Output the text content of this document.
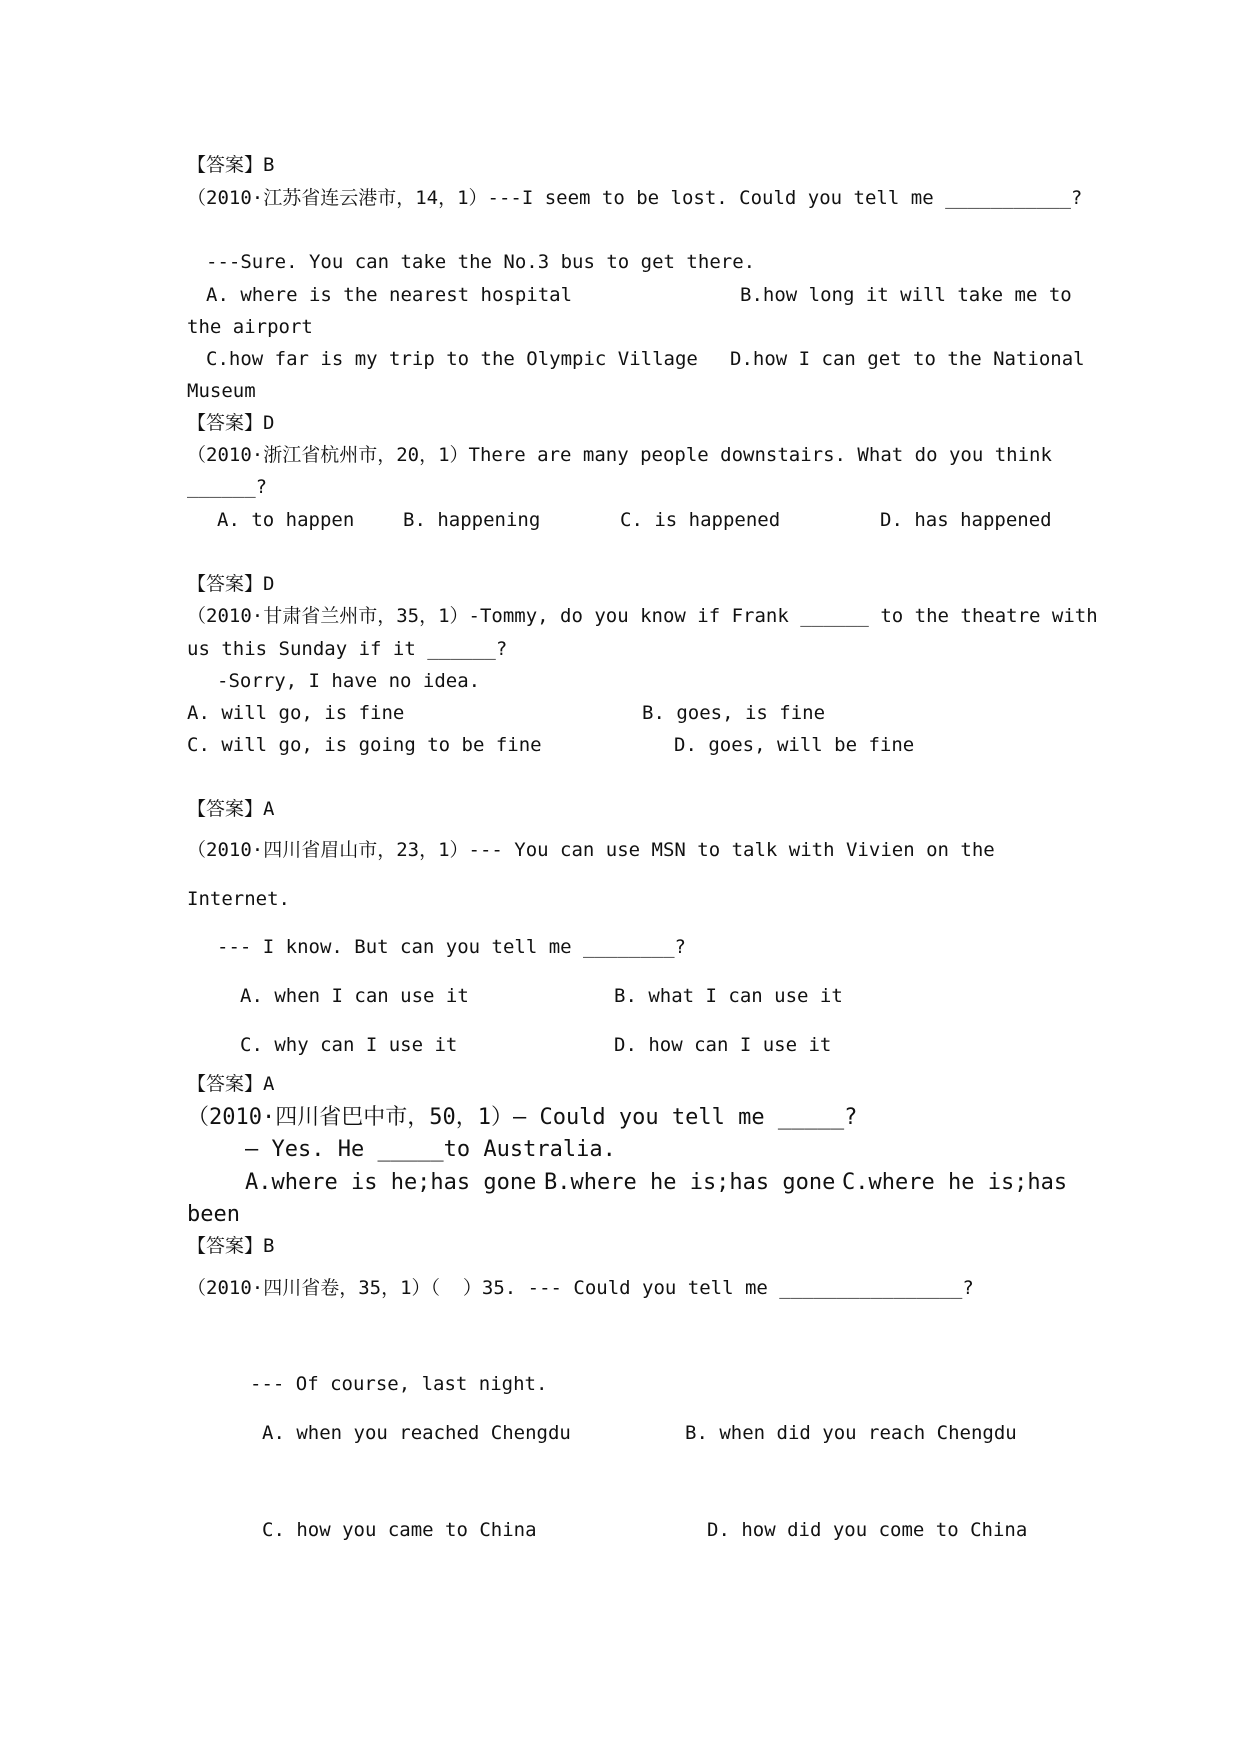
【答案】B
（2010·江苏省连云港市，14，1）---I seem to be lost. Could you tell me ___________?
---Sure. You can take the No.3 bus to get there.
A. where is the nearest hospital	B.how long it will take me to
the airport
C.how far is my trip to the Olympic Village D.how I can get to the National
Museum
【答案】D
（2010·浙江省杭州市，20，1）There are many people downstairs. What do you think
______?
A. to happen	B. happening	C. is happened	D. has happened
【答案】D
（2010·甘肃省兰州市，35，1）-Tommy, do you know if Frank ______ to the theatre with
us this Sunday if it ______?
-Sorry, I have no idea.
A. will go, is fine	B. goes, is fine
C. will go, is going to be fine	D. goes, will be fine
【答案】A
（2010·四川省眉山市，23，1）--- You can use MSN to talk with Vivien on the
Internet.
--- I know. But can you tell me ________?
A. when I can use it	B. what I can use it
C. why can I use it	D. how can I use it
【答案】A
（2010·四川省巴中市，50，1）— Could you tell me _____?
— Yes. He _____to Australia.
A.where is he;has gone B.where he is;has gone C.where he is;has
been
【答案】B
（2010·四川省卷，35，1）（  ）35. --- Could you tell me ________________?
--- Of course, last night.
A. when you reached Chengdu	B. when did you reach Chengdu
C. how you came to China	D. how did you come to China
